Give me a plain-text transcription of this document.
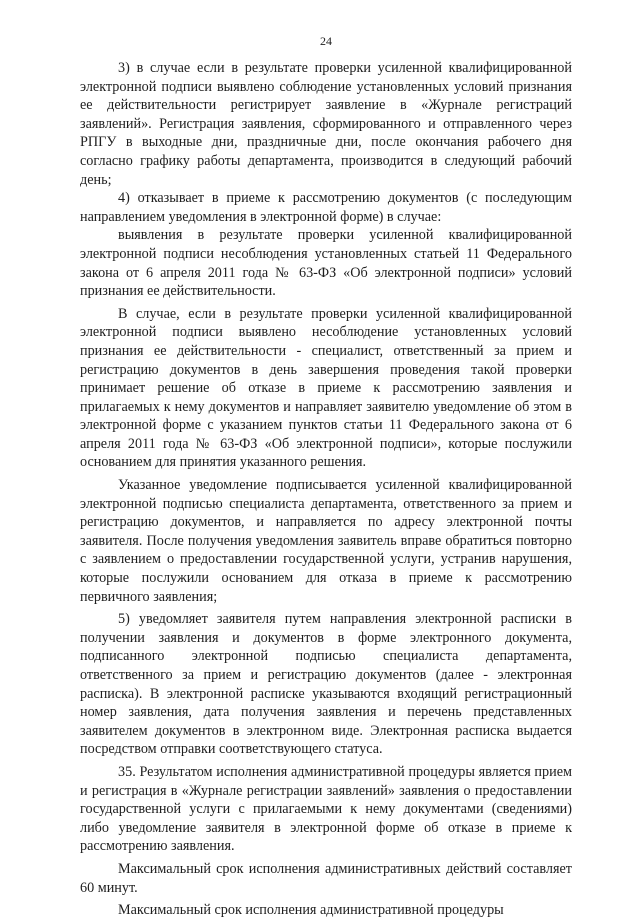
24

3) в случае если в результате проверки усиленной квалифицированной электронной подписи выявлено соблюдение установленных условий признания ее действительности регистрирует заявление в «Журнале регистраций заявлений». Регистрация заявления, сформированного и отправленного через РПГУ в выходные дни, праздничные дни, после окончания рабочего дня согласно графику работы департамента, производится в следующий рабочий день;

4) отказывает в приеме к рассмотрению документов (с последующим направлением уведомления в электронной форме) в случае:

выявления в результате проверки усиленной квалифицированной электронной подписи несоблюдения установленных статьей 11 Федерального закона от 6 апреля 2011 года № 63-ФЗ «Об электронной подписи» условий признания ее действительности.

В случае, если в результате проверки усиленной квалифицированной электронной подписи выявлено несоблюдение установленных условий признания ее действительности - специалист, ответственный за прием и регистрацию документов в день завершения проведения такой проверки принимает решение об отказе в приеме к рассмотрению заявления и прилагаемых к нему документов и направляет заявителю уведомление об этом в электронной форме с указанием пунктов статьи 11 Федерального закона от 6 апреля 2011 года № 63-ФЗ «Об электронной подписи», которые послужили основанием для принятия указанного решения.

Указанное уведомление подписывается усиленной квалифицированной электронной подписью специалиста департамента, ответственного за прием и регистрацию документов, и направляется по адресу электронной почты заявителя. После получения уведомления заявитель вправе обратиться повторно с заявлением о предоставлении государственной услуги, устранив нарушения, которые послужили основанием для отказа в приеме к рассмотрению первичного заявления;

5) уведомляет заявителя путем направления электронной расписки в получении заявления и документов в форме электронного документа, подписанного электронной подписью специалиста департамента, ответственного за прием и регистрацию документов (далее - электронная расписка). В электронной расписке указываются входящий регистрационный номер заявления, дата получения заявления и перечень представленных заявителем документов в электронном виде. Электронная расписка выдается посредством отправки соответствующего статуса.

35. Результатом исполнения административной процедуры является прием и регистрация в «Журнале регистрации заявлений» заявления о предоставлении государственной услуги с прилагаемыми к нему документами (сведениями) либо уведомление заявителя в электронной форме об отказе в приеме к рассмотрению заявления.

Максимальный срок исполнения административных действий составляет 60 минут.

Максимальный срок исполнения административной процедуры
